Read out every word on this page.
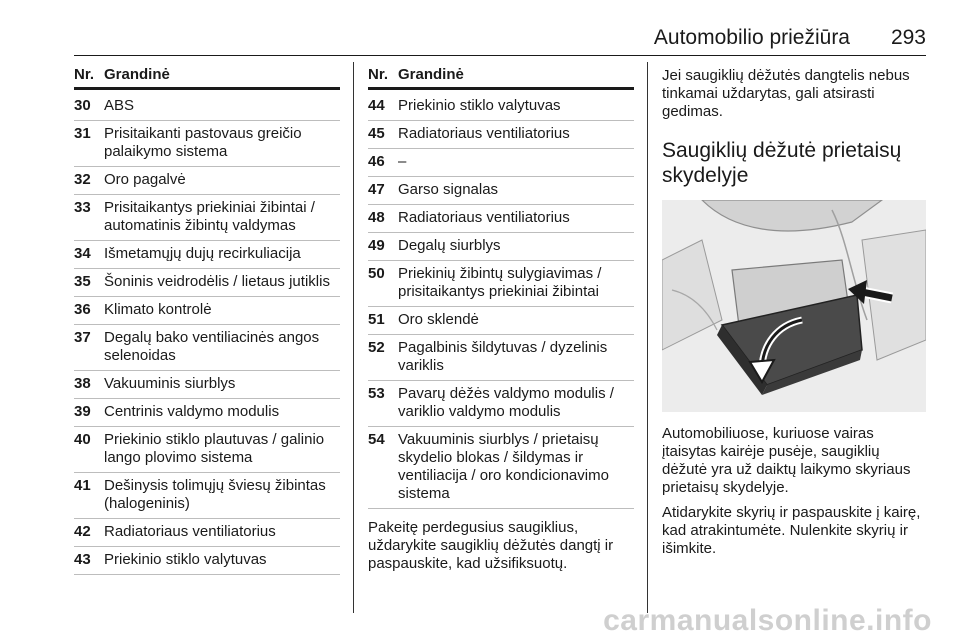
Automobilio priežiūra 293
Nr. Grandinė
30 ABS
31 Prisitaikanti pastovaus greičio palaikymo sistema
32 Oro pagalvė
33 Prisitaikantys priekiniai žibintai / automatinis žibintų valdymas
34 Išmetamųjų dujų recirkuliacija
35 Šoninis veidrodėlis / lietaus jutiklis
36 Klimato kontrolė
37 Degalų bako ventiliacinės angos selenoidas
38 Vakuuminis siurblys
39 Centrinis valdymo modulis
40 Priekinio stiklo plautuvas / galinio lango plovimo sistema
41 Dešinysis tolimųjų šviesų žibintas (halogeninis)
42 Radiatoriaus ventiliatorius
43 Priekinio stiklo valytuvas
Nr. Grandinė
44 Priekinio stiklo valytuvas
45 Radiatoriaus ventiliatorius
46 –
47 Garso signalas
48 Radiatoriaus ventiliatorius
49 Degalų siurblys
50 Priekinių žibintų sulygiavimas / prisitaikantys priekiniai žibintai
51 Oro sklendė
52 Pagalbinis šildytuvas / dyzelinis variklis
53 Pavarų dėžės valdymo modulis / variklio valdymo modulis
54 Vakuuminis siurblys / prietaisų skydelio blokas / šildymas ir ventiliacija / oro kondicionavimo sistema

Pakeitę perdegusius saugiklius, uždarykite saugiklių dėžutės dangtį ir paspauskite, kad užsifiksuotų.

Jei saugiklių dėžutės dangtelis nebus tinkamai uždarytas, gali atsirasti gedimas.

Saugiklių dėžutė prietaisų skydelyje

Automobiliuose, kuriuose vairas įtaisytas kairėje pusėje, saugiklių dėžutė yra už daiktų laikymo skyriaus prietaisų skydelyje.

Atidarykite skyrių ir paspauskite į kairę, kad atrakintumėte. Nulenkite skyrių ir išimkite.

carmanualsonline.info
